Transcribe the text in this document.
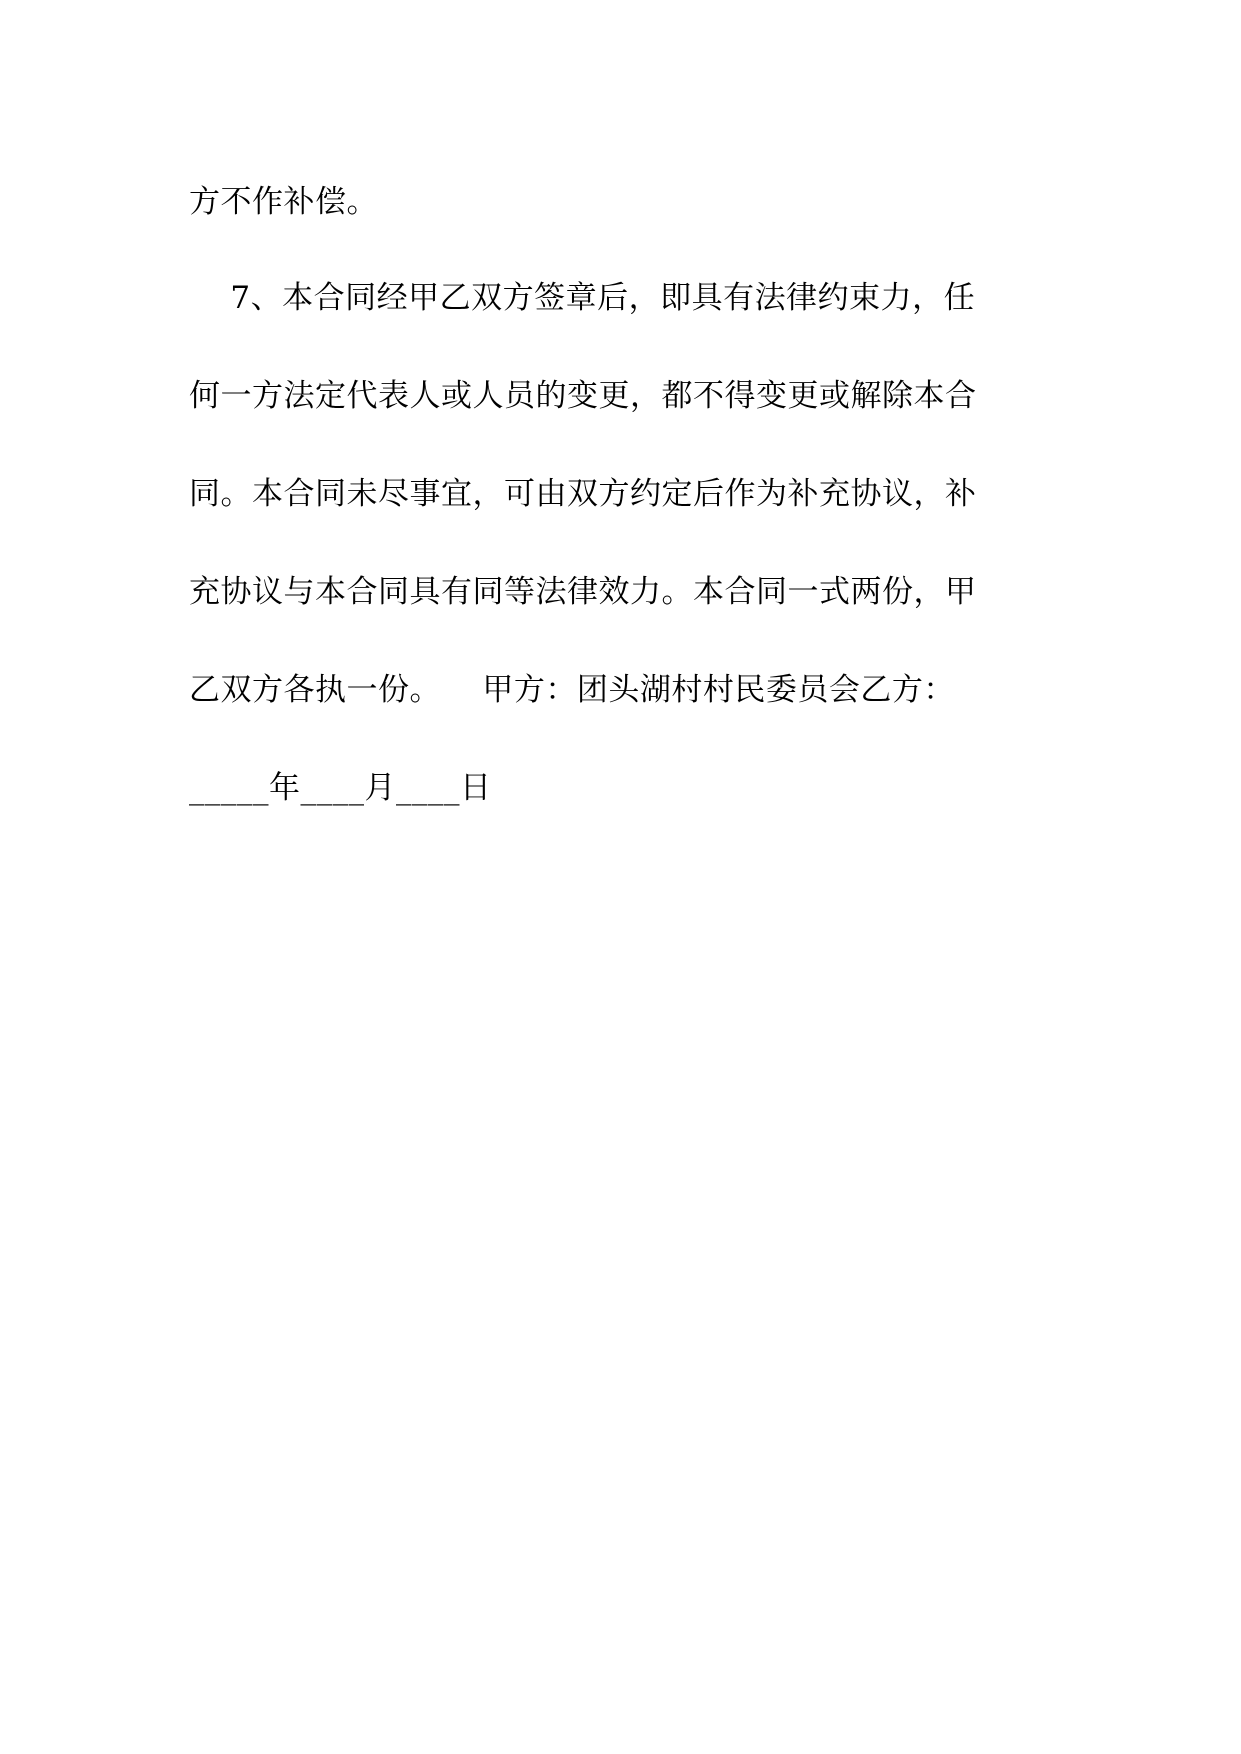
方不作补偿。
7、本合同经甲乙双方签章后，即具有法律约束力，任
何一方法定代表人或人员的变更，都不得变更或解除本合
同。本合同未尽事宜，可由双方约定后作为补充协议，补
充协议与本合同具有同等法律效力。本合同一式两份，甲
乙双方各执一份。    甲方：团头湖村村民委员会乙方：
_____年____月____日
